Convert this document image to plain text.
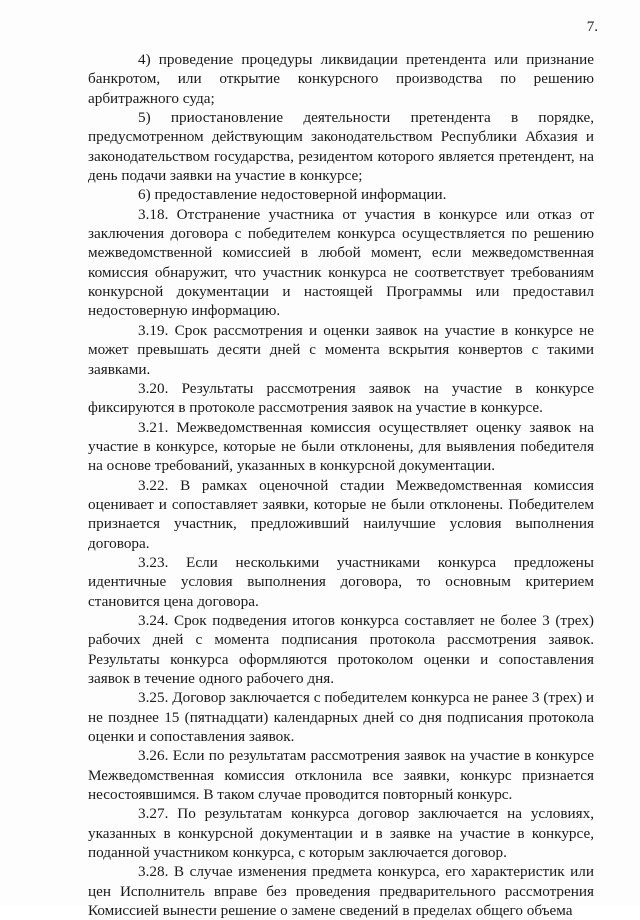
7.

4) проведение процедуры ликвидации претендента или признание банкротом, или открытие конкурсного производства по решению арбитражного суда;

5) приостановление деятельности претендента в порядке, предусмотренном действующим законодательством Республики Абхазия и законодательством государства, резидентом которого является претендент, на день подачи заявки на участие в конкурсе;

6) предоставление недостоверной информации.

3.18. Отстранение участника от участия в конкурсе или отказ от заключения договора с победителем конкурса осуществляется по решению межведомственной комиссией в любой момент, если межведомственная комиссия обнаружит, что участник конкурса не соответствует требованиям конкурсной документации и настоящей Программы или предоставил недостоверную информацию.

3.19. Срок рассмотрения и оценки заявок на участие в конкурсе не может превышать десяти дней с момента вскрытия конвертов с такими заявками.

3.20. Результаты рассмотрения заявок на участие в конкурсе фиксируются в протоколе рассмотрения заявок на участие в конкурсе.

3.21. Межведомственная комиссия осуществляет оценку заявок на участие в конкурсе, которые не были отклонены, для выявления победителя на основе требований, указанных в конкурсной документации.

3.22. В рамках оценочной стадии Межведомственная комиссия оценивает и сопоставляет заявки, которые не были отклонены. Победителем признается участник, предложивший наилучшие условия выполнения договора.

3.23. Если несколькими участниками конкурса предложены идентичные условия выполнения договора, то основным критерием становится цена договора.

3.24. Срок подведения итогов конкурса составляет не более 3 (трех) рабочих дней с момента подписания протокола рассмотрения заявок. Результаты конкурса оформляются протоколом оценки и сопоставления заявок в течение одного рабочего дня.

3.25. Договор заключается с победителем конкурса не ранее 3 (трех) и не позднее 15 (пятнадцати) календарных дней со дня подписания протокола оценки и сопоставления заявок.

3.26. Если по результатам рассмотрения заявок на участие в конкурсе Межведомственная комиссия отклонила все заявки, конкурс признается несостоявшимся. В таком случае проводится повторный конкурс.

3.27. По результатам конкурса договор заключается на условиях, указанных в конкурсной документации и в заявке на участие в конкурсе, поданной участником конкурса, с которым заключается договор.

3.28. В случае изменения предмета конкурса, его характеристик или цен Исполнитель вправе без проведения предварительного рассмотрения Комиссией вынести решение о замене сведений в пределах общего объема
